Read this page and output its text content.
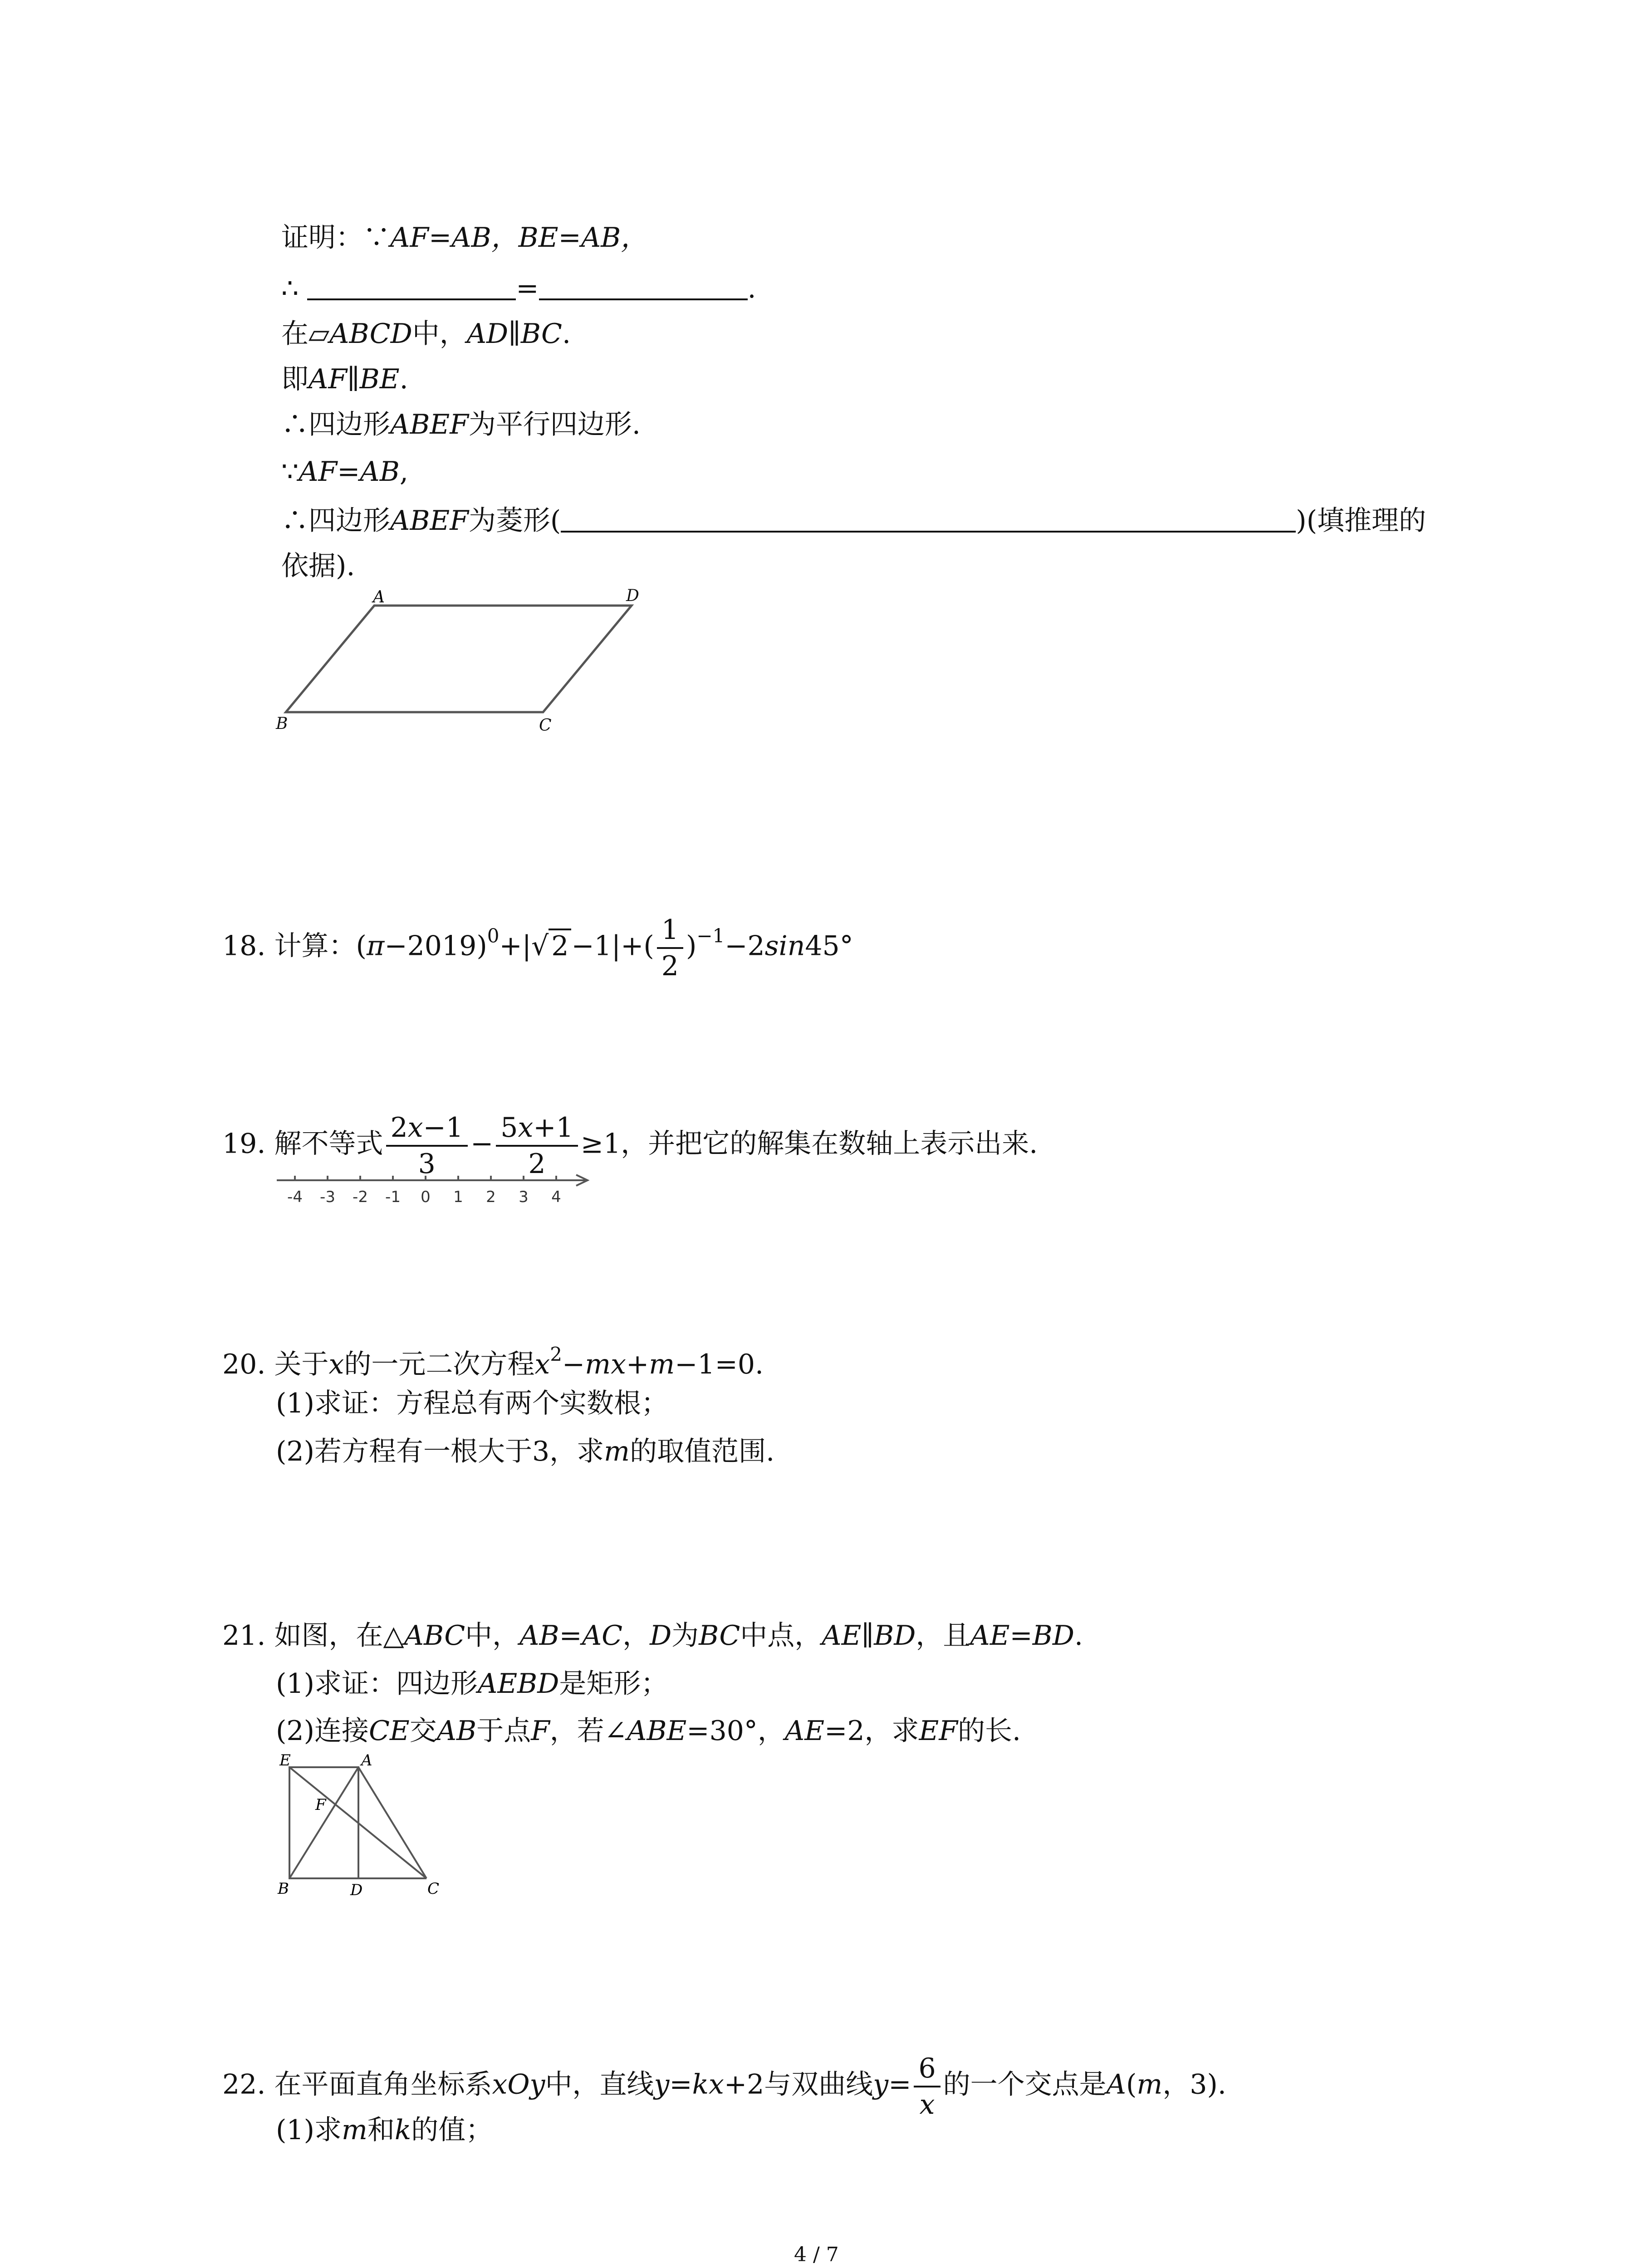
证明：∵AF=AB，BE=AB，
∴	=	.
在▱ABCD中，AD∥BC.
即AF∥BE.
∴四边形ABEF为平行四边形.
∵AF=AB,
∴四边形ABEF为菱形(	)(填推理的
依据).
A	D
B	C
18. 计算：$(\pi-2019)^0+|√$ $2 -1|+( \frac{1}{2} )^{-1}-2\sin 45^\circ$
19. 解不等式 $\frac{2x-1}{3} - \frac{5x+1}{2} \ge 1$，并把它的解集在数轴上表示出来.
-4 -3 -2 -1 0 1 2 3 4
20. 关于x的一元二次方程$x^2-mx+m-1=0$.
(1)求证：方程总有两个实数根；
(2)若方程有一根大于3，求m的取值范围.
21. 如图，在△ABC中，AB=AC，D为BC中点，AE∥BD，且AE=BD.
(1)求证：四边形AEBD是矩形；
(2)连接CE交AB于点F，若∠ABE=30°，AE=2，求EF的长.
E	A
F
B	D	C
22. 在平面直角坐标系xOy中，直线y=kx+2与双曲线$y= \frac{6}{x}$ 的一个交点是A(m，3).
(1)求m和k的值；
4 / 7
